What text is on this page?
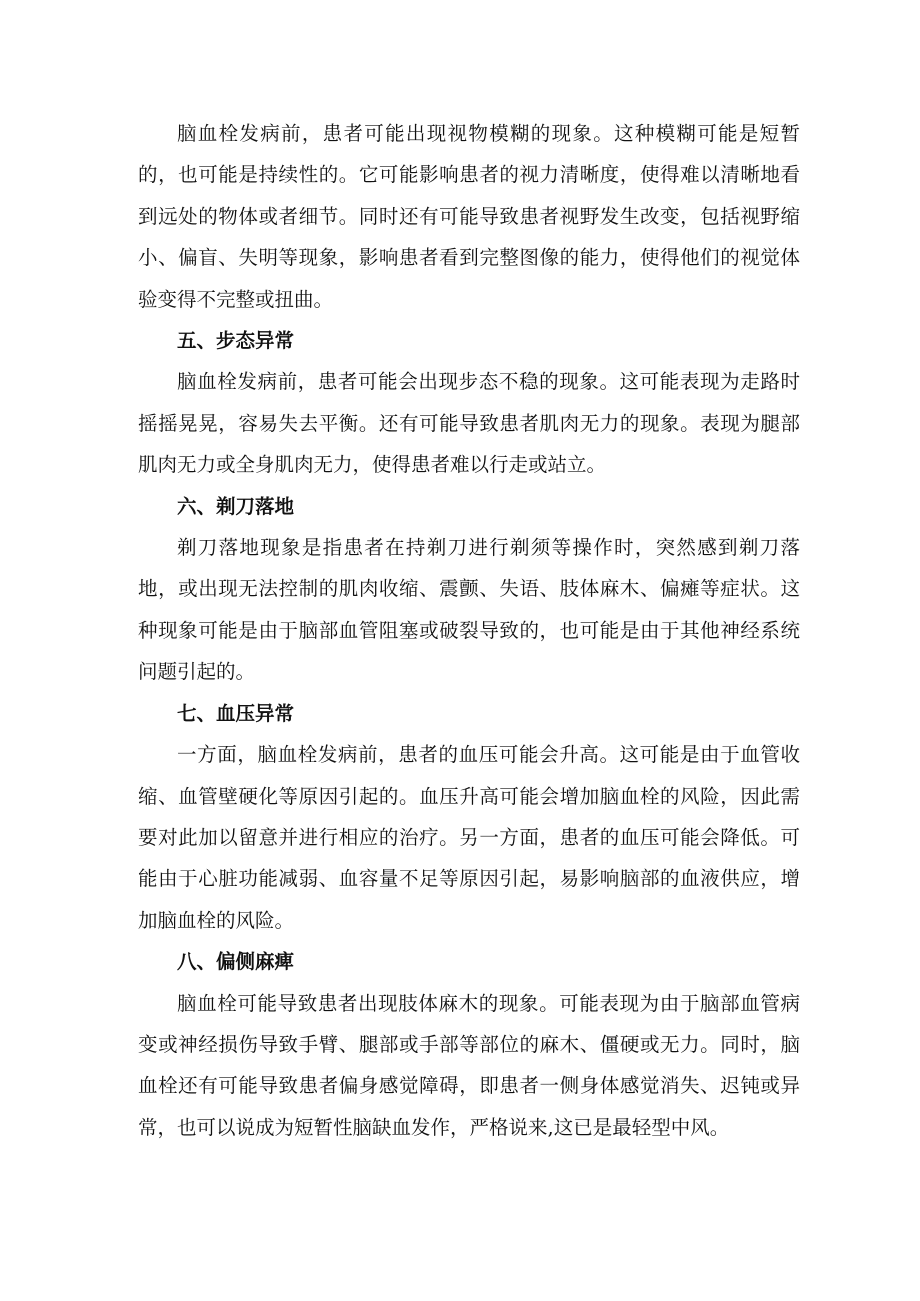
脑血栓发病前，患者可能出现视物模糊的现象。这种模糊可能是短暂的，也可能是持续性的。它可能影响患者的视力清晰度，使得难以清晰地看到远处的物体或者细节。同时还有可能导致患者视野发生改变，包括视野缩小、偏盲、失明等现象，影响患者看到完整图像的能力，使得他们的视觉体验变得不完整或扭曲。

五、步态异常

脑血栓发病前，患者可能会出现步态不稳的现象。这可能表现为走路时摇摇晃晃，容易失去平衡。还有可能导致患者肌肉无力的现象。表现为腿部肌肉无力或全身肌肉无力，使得患者难以行走或站立。

六、剃刀落地

剃刀落地现象是指患者在持剃刀进行剃须等操作时，突然感到剃刀落地，或出现无法控制的肌肉收缩、震颤、失语、肢体麻木、偏瘫等症状。这种现象可能是由于脑部血管阻塞或破裂导致的，也可能是由于其他神经系统问题引起的。

七、血压异常

一方面，脑血栓发病前，患者的血压可能会升高。这可能是由于血管收缩、血管壁硬化等原因引起的。血压升高可能会增加脑血栓的风险，因此需要对此加以留意并进行相应的治疗。另一方面，患者的血压可能会降低。可能由于心脏功能减弱、血容量不足等原因引起，易影响脑部的血液供应，增加脑血栓的风险。

八、偏侧麻痺

脑血栓可能导致患者出现肢体麻木的现象。可能表现为由于脑部血管病变或神经损伤导致手臂、腿部或手部等部位的麻木、僵硬或无力。同时，脑血栓还有可能导致患者偏身感觉障碍，即患者一侧身体感觉消失、迟钝或异常，也可以说成为短暂性脑缺血发作，严格说来,这已是最轻型中风。
